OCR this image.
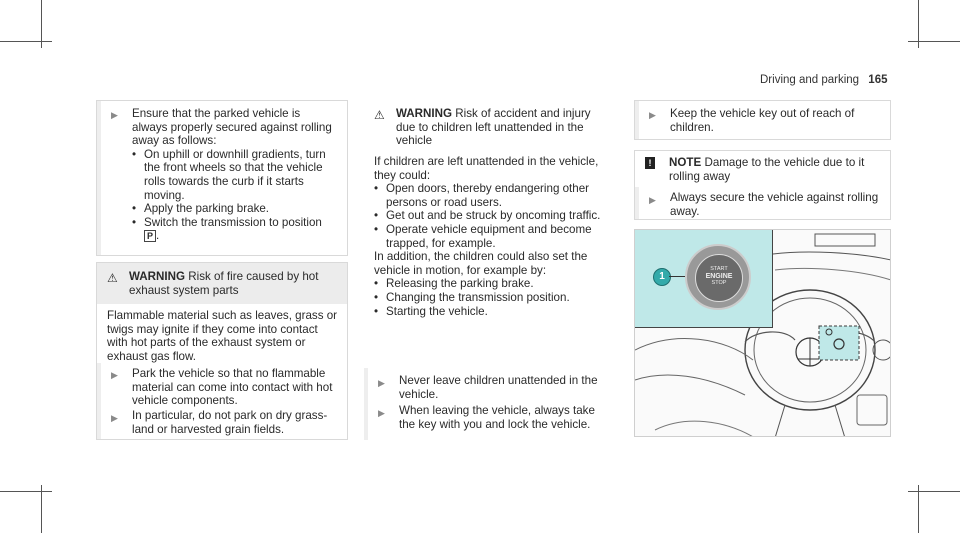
Driving and parking 165
▶ Ensure that the parked vehicle is always properly secured against rolling away as follows:

• On uphill or downhill gradients, turn the front wheels so that the vehicle rolls towards the curb if it starts moving.
• Apply the parking brake.
• Switch the transmission to position
P .
⚠ WARNING Risk of fire caused by hot exhaust system parts
Flammable material such as leaves, grass or twigs may ignite if they come into contact with hot parts of the exhaust system or exhaust gas flow.
▶ Park the vehicle so that no flammable material can come into contact with hot vehicle components.
▶ In particular, do not park on dry grass-land or harvested grain fields.
⚠ WARNING Risk of accident and injury due to children left unattended in the vehicle

If children are left unattended in the vehicle, they could:

• Open doors, thereby endangering other persons or road users.
• Get out and be struck by oncoming traffic.
• Operate vehicle equipment and become trapped, for example.

In addition, the children could also set the vehicle in motion, for example by:

• Releasing the parking brake.
• Changing the transmission position.
• Starting the vehicle.
▶ Never leave children unattended in the vehicle.
▶ When leaving the vehicle, always take the key with you and lock the vehicle.
▶ Keep the vehicle key out of reach of children.
!	NOTE Damage to the vehicle due to it rolling away
▶ Always secure the vehicle against rolling away.
1
START
ENGINE
STOP
